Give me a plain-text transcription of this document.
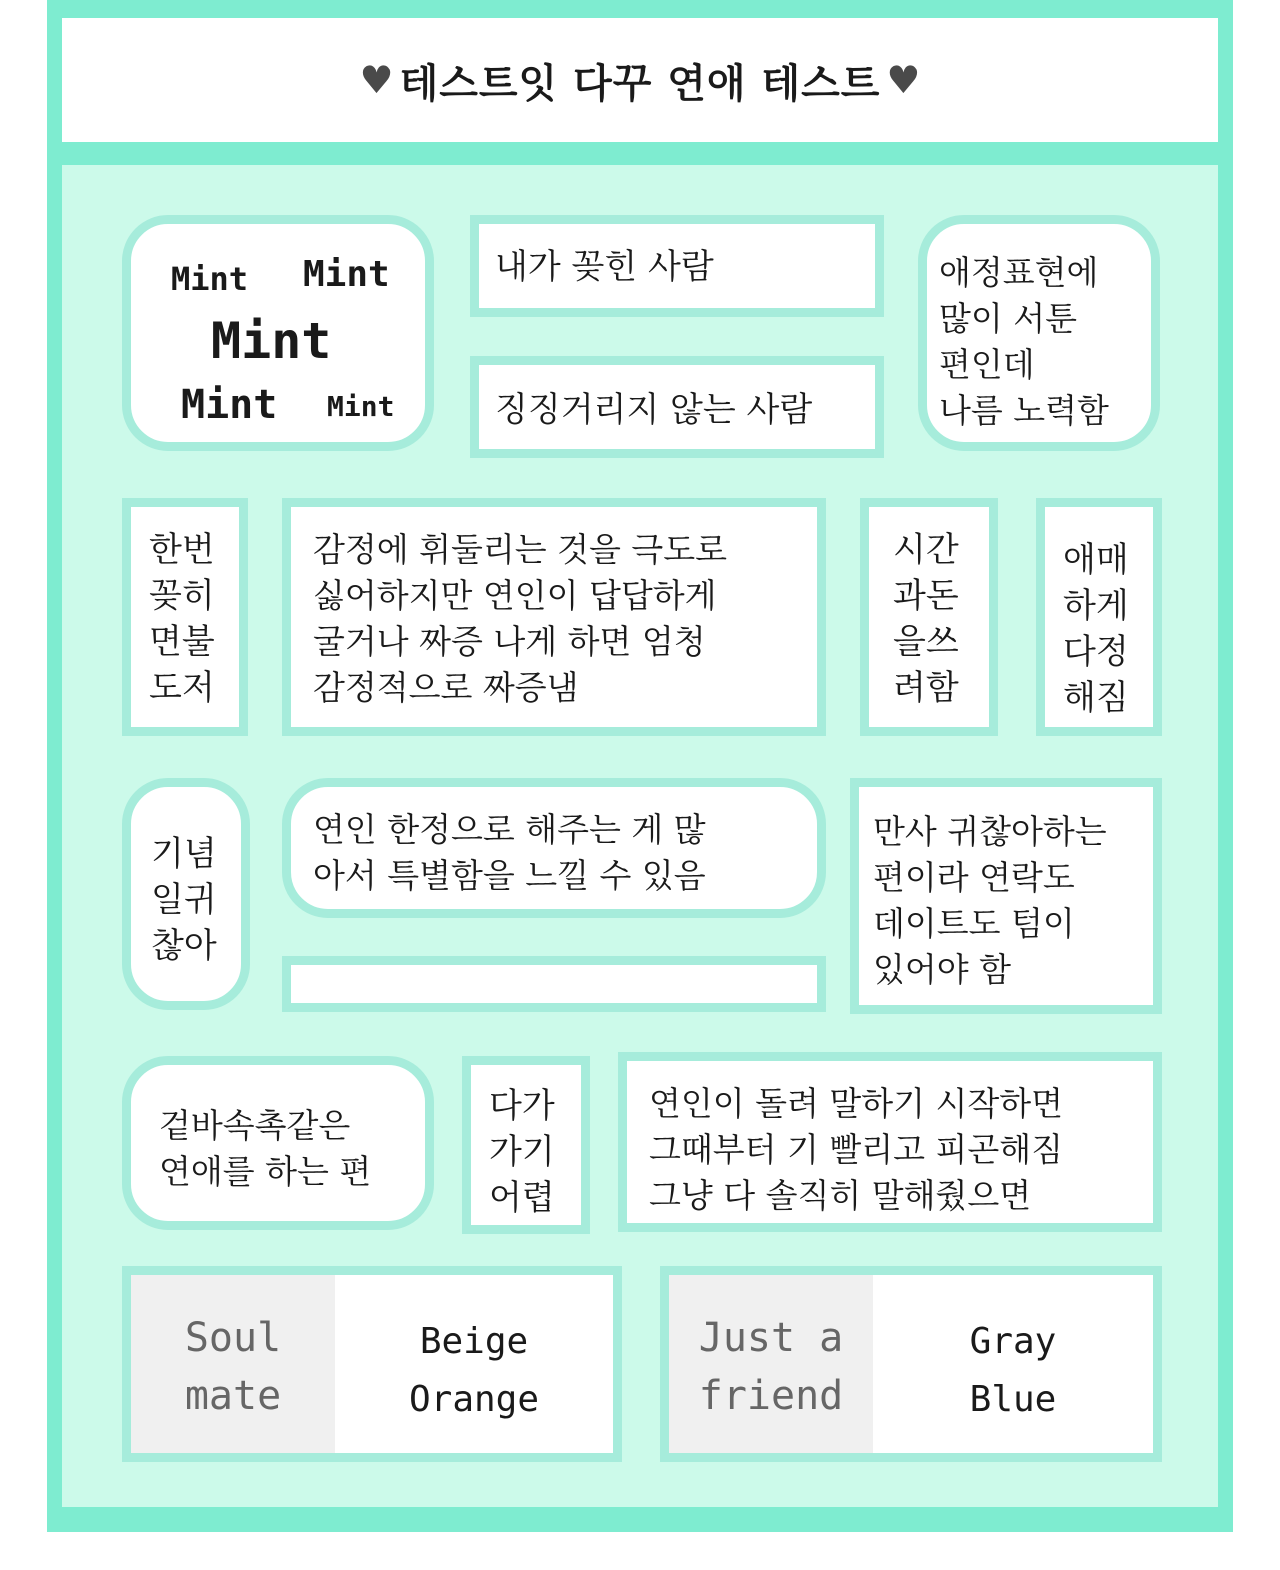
♥ 테스트잇 다꾸 연애 테스트 ♥
Mint Mint
Mint
Mint Mint
내가 꽂힌 사람
징징거리지 않는 사람
애정표현에
많이 서툰
편인데
나름 노력함
한번
꽂히
면불
도저
감정에 휘둘리는 것을 극도로
싫어하지만 연인이 답답하게
굴거나 짜증 나게 하면 엄청
감정적으로 짜증냄
시간
과돈
을쓰
려함
애매
하게
다정
해짐
기념
일귀
찮아
연인 한정으로 해주는 게 많
아서 특별함을 느낄 수 있음
만사 귀찮아하는
편이라 연락도
데이트도 텀이
있어야 함
겉바속촉같은
연애를 하는 편
다가
가기
어렵
연인이 돌려 말하기 시작하면
그때부터 기 빨리고 피곤해짐
그냥 다 솔직히 말해줬으면
Soul
mate
Beige
Orange
Just a
friend
Gray
Blue
